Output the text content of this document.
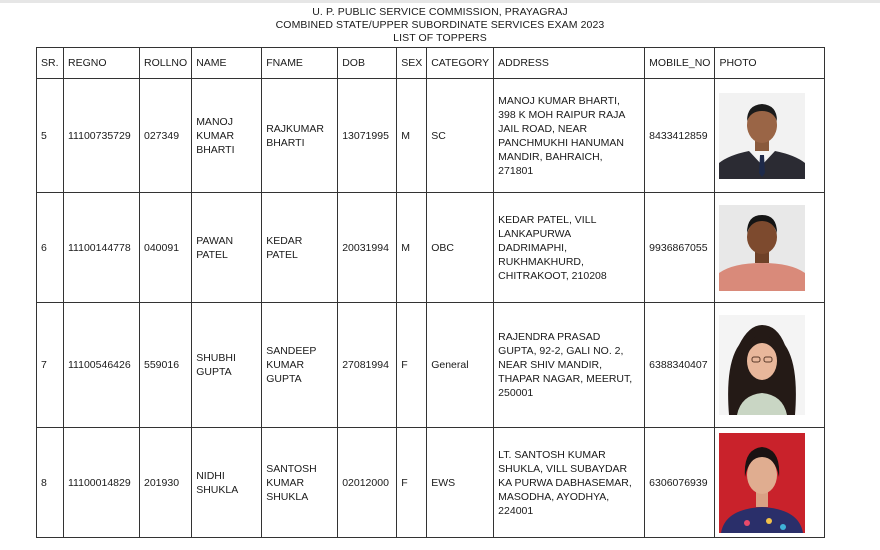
U. P. PUBLIC SERVICE COMMISSION, PRAYAGRAJ
COMBINED STATE/UPPER SUBORDINATE SERVICES EXAM 2023
LIST OF TOPPERS
SR.	REGNO	ROLLNO	NAME	FNAME	DOB	SEX	CATEGORY	ADDRESS	MOBILE_NO	PHOTO
5	11100735729	027349	MANOJ KUMAR BHARTI	RAJKUMAR BHARTI	13071995	M	SC	MANOJ KUMAR BHARTI, 398 K MOH RAIPUR RAJA JAIL ROAD, NEAR PANCHMUKHI HANUMAN MANDIR, BAHRAICH, 271801	8433412859	

6	11100144778	040091	PAWAN PATEL	KEDAR PATEL	20031994	M	OBC	KEDAR PATEL, VILL LANKAPURWA DADRIMAPHI, RUKHMAKHURD, CHITRAKOOT, 210208	9936867055	

7	11100546426	559016	SHUBHI GUPTA	SANDEEP KUMAR GUPTA	27081994	F	General	RAJENDRA PRASAD GUPTA, 92-2, GALI NO. 2, NEAR SHIV MANDIR, THAPAR NAGAR, MEERUT, 250001	6388340407	

8	11100014829	201930	NIDHI SHUKLA	SANTOSH KUMAR SHUKLA	02012000	F	EWS	LT. SANTOSH KUMAR SHUKLA, VILL SUBAYDAR KA PURWA DABHASEMAR, MASODHA, AYODHYA, 224001	6306076939	
